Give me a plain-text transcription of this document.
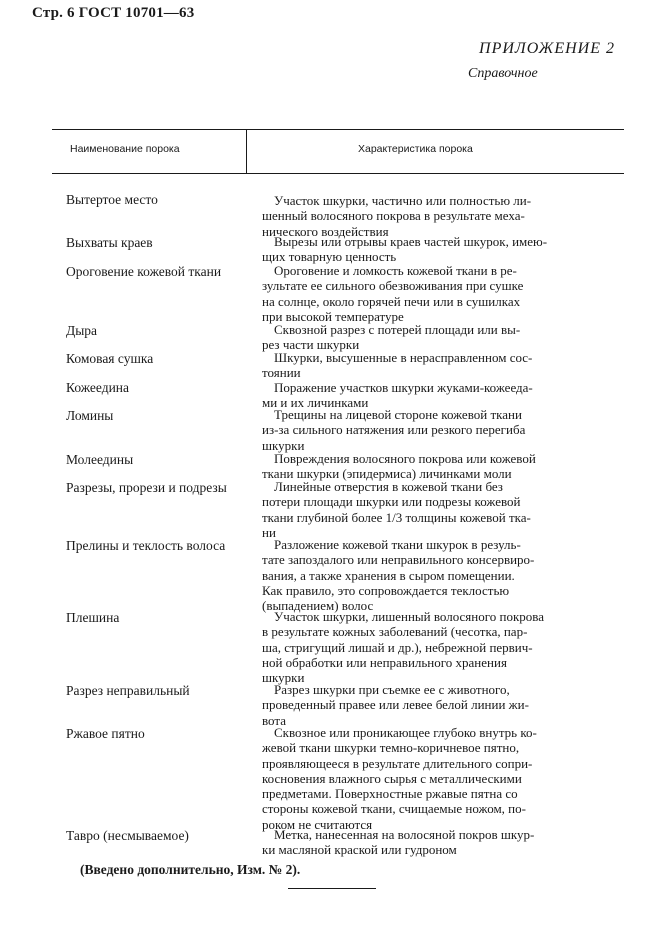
Стр. 6 ГОСТ 10701—63
ПРИЛОЖЕНИЕ 2
Справочное
Наименование порока	Характеристика порока
Вытертое место	Участок шкурки, частично или полностью ли-
шенный волосяного покрова в результате меха-
нического воздействия
Выхваты краев	Вырезы или отрывы краев частей шкурок, имею-
щих товарную ценность
Ороговение кожевой ткани	Ороговение и ломкость кожевой ткани в ре-
зультате ее сильного обезвоживания при сушке
на солнце, около горячей печи или в сушилках
при высокой температуре
Дыра	Сквозной разрез с потерей площади или вы-
рез части шкурки
Комовая сушка	Шкурки, высушенные в нерасправленном сос-
тоянии
Кожеедина	Поражение участков шкурки жуками-кожееда-
ми и их личинками
Ломины	Трещины на лицевой стороне кожевой ткани
из-за сильного натяжения или резкого перегиба
шкурки
Молеедины	Повреждения волосяного покрова или кожевой
ткани шкурки (эпидермиса) личинками моли
Разрезы, прорези и подрезы	Линейные отверстия в кожевой ткани без
потери площади шкурки или подрезы кожевой
ткани глубиной более 1/3 толщины кожевой тка-
ни
Прелины и теклость волоса	Разложение кожевой ткани шкурок в резуль-
тате запоздалого или неправильного консервиро-
вания, а также хранения в сыром помещении.
Как правило, это сопровождается теклостью
(выпадением) волос
Плешина	Участок шкурки, лишенный волосяного покрова
в результате кожных заболеваний (чесотка, пар-
ша, стригущий лишай и др.), небрежной первич-
ной обработки или неправильного хранения
шкурки
Разрез неправильный	Разрез шкурки при съемке ее с животного,
проведенный правее или левее белой линии жи-
вота
Ржавое пятно	Сквозное или проникающее глубоко внутрь ко-
жевой ткани шкурки темно-коричневое пятно,
проявляющееся в результате длительного сопри-
косновения влажного сырья с металлическими
предметами. Поверхностные ржавые пятна со
стороны кожевой ткани, счищаемые ножом, по-
роком не считаются
Тавро (несмываемое)	Метка, нанесенная на волосяной покров шкур-
ки масляной краской или гудроном
(Введено дополнительно, Изм. № 2).
